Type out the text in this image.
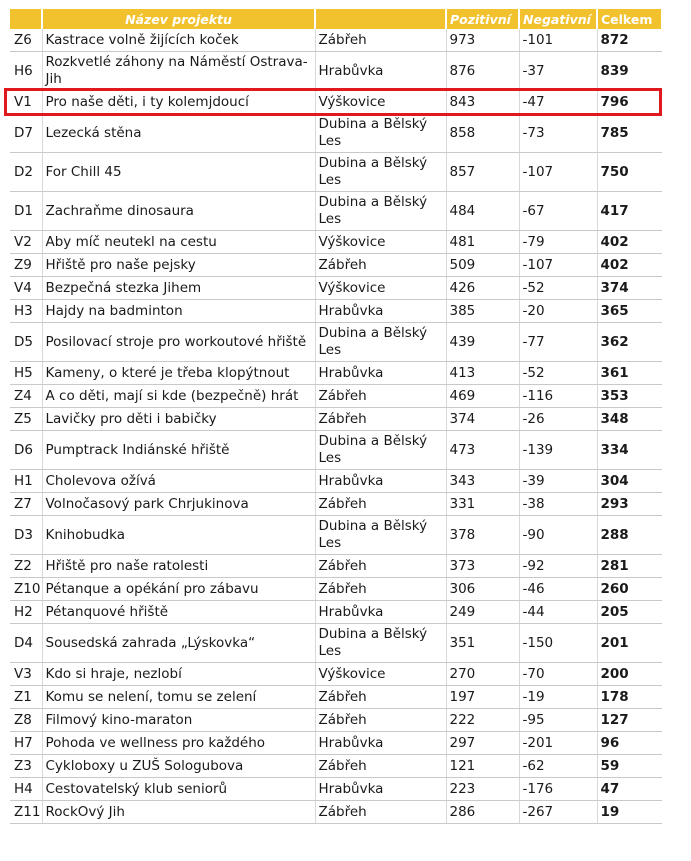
	Název projektu		Pozitivní	Negativní	Celkem
Z6	Kastrace volně žijících koček	Zábřeh	973	-101	872
H6	Rozkvetlé záhony na Náměstí Ostrava-Jih	Hrabůvka	876	-37	839
V1	Pro naše děti, i ty kolemjdoucí	Výškovice	843	-47	796
D7	Lezecká stěna	Dubina a Bělský Les	858	-73	785
D2	For Chill 45	Dubina a Bělský Les	857	-107	750
D1	Zachraňme dinosaura	Dubina a Bělský Les	484	-67	417
V2	Aby míč neutekl na cestu	Výškovice	481	-79	402
Z9	Hřiště pro naše pejsky	Zábřeh	509	-107	402
V4	Bezpečná stezka Jihem	Výškovice	426	-52	374
H3	Hajdy na badminton	Hrabůvka	385	-20	365
D5	Posilovací stroje pro workoutové hřiště	Dubina a Bělský Les	439	-77	362
H5	Kameny, o které je třeba klopýtnout	Hrabůvka	413	-52	361
Z4	A co děti, mají si kde (bezpečně) hrát	Zábřeh	469	-116	353
Z5	Lavičky pro děti i babičky	Zábřeh	374	-26	348
D6	Pumptrack Indiánské hřiště	Dubina a Bělský Les	473	-139	334
H1	Cholevova ožívá	Hrabůvka	343	-39	304
Z7	Volnočasový park Chrjukinova	Zábřeh	331	-38	293
D3	Knihobudka	Dubina a Bělský Les	378	-90	288
Z2	Hřiště pro naše ratolesti	Zábřeh	373	-92	281
Z10	Pétanque a opékání pro zábavu	Zábřeh	306	-46	260
H2	Pétanquové hřiště	Hrabůvka	249	-44	205
D4	Sousedská zahrada „Lýskovka“	Dubina a Bělský Les	351	-150	201
V3	Kdo si hraje, nezlobí	Výškovice	270	-70	200
Z1	Komu se nelení, tomu se zelení	Zábřeh	197	-19	178
Z8	Filmový kino-maraton	Zábřeh	222	-95	127
H7	Pohoda ve wellness pro každého	Hrabůvka	297	-201	96
Z3	Cykloboxy u ZUŠ Sologubova	Zábřeh	121	-62	59
H4	Cestovatelský klub seniorů	Hrabůvka	223	-176	47
Z11	RockOvý Jih	Zábřeh	286	-267	19
